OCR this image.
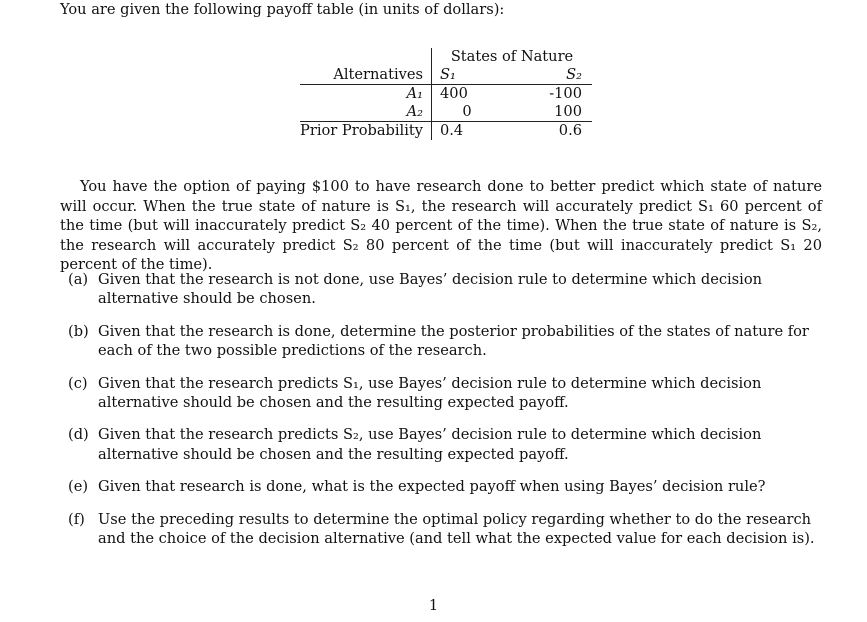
You are given the following payoff table (in units of dollars):

	States of Nature	
Alternatives	S₁	S₂
A₁	400	-100
A₂	0	100
Prior Probability	0.4	0.6

You have the option of paying $100 to have research done to better predict which state of nature will occur. When the true state of nature is S₁, the research will accurately predict S₁ 60 percent of the time (but will inaccurately predict S₂ 40 percent of the time). When the true state of nature is S₂, the research will accurately predict S₂ 80 percent of the time (but will inaccurately predict S₁ 20 percent of the time).

(a) Given that the research is not done, use Bayes’ decision rule to determine which decision alternative should be chosen.
(b) Given that the research is done, determine the posterior probabilities of the states of nature for each of the two possible predictions of the research.
(c) Given that the research predicts S₁, use Bayes’ decision rule to determine which decision alternative should be chosen and the resulting expected payoff.
(d) Given that the research predicts S₂, use Bayes’ decision rule to determine which decision alternative should be chosen and the resulting expected payoff.
(e) Given that research is done, what is the expected payoff when using Bayes’ decision rule?
(f) Use the preceding results to determine the optimal policy regarding whether to do the research and the choice of the decision alternative (and tell what the expected value for each decision is).
1
